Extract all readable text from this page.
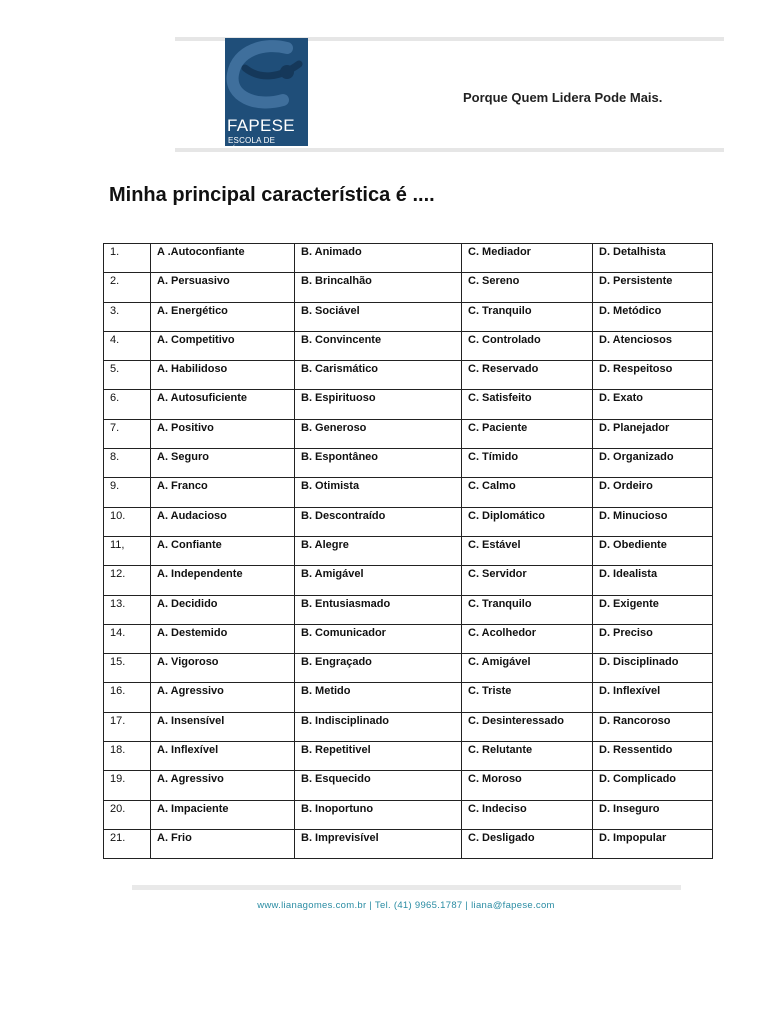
FAPESE
ESCOLA DE
Porque Quem Lidera Pode Mais.
Minha principal característica é ....
1.	A .Autoconfiante	B. Animado	C. Mediador	D. Detalhista
2.	A. Persuasivo	B. Brincalhão	C. Sereno	D. Persistente
3.	A. Energético	B. Sociável	C. Tranquilo	D. Metódico
4.	A. Competitivo	B. Convincente	C. Controlado	D. Atenciosos
5.	A. Habilidoso	B. Carismático	C. Reservado	D. Respeitoso
6.	A. Autosuficiente	B. Espirituoso	C. Satisfeito	D. Exato
7.	A. Positivo	B. Generoso	C. Paciente	D. Planejador
8.	A. Seguro	B. Espontâneo	C. Tímido	D. Organizado
9.	A. Franco	B. Otimista	C. Calmo	D. Ordeiro
10.	A. Audacioso	B. Descontraído	C. Diplomático	D. Minucioso
11,	A. Confiante	B. Alegre	C. Estável	D. Obediente
12.	A. Independente	B. Amigável	C. Servidor	D. Idealista
13.	A. Decidido	B. Entusiasmado	C. Tranquilo	D. Exigente
14.	A. Destemido	B. Comunicador	C. Acolhedor	D. Preciso
15.	A. Vigoroso	B. Engraçado	C. Amigável	D. Disciplinado
16.	A. Agressivo	B. Metido	C. Triste	D. Inflexível
17.	A. Insensível	B. Indisciplinado	C. Desinteressado	D. Rancoroso
18.	A. Inflexível	B. Repetitivel	C. Relutante	D. Ressentido
19.	A. Agressivo	B. Esquecido	C. Moroso	D. Complicado
20.	A. Impaciente	B. Inoportuno	C. Indeciso	D. Inseguro
21.	A. Frio	B. Imprevisível	C. Desligado	D. Impopular
www.lianagomes.com.br | Tel. (41) 9965.1787 | liana@fapese.com
